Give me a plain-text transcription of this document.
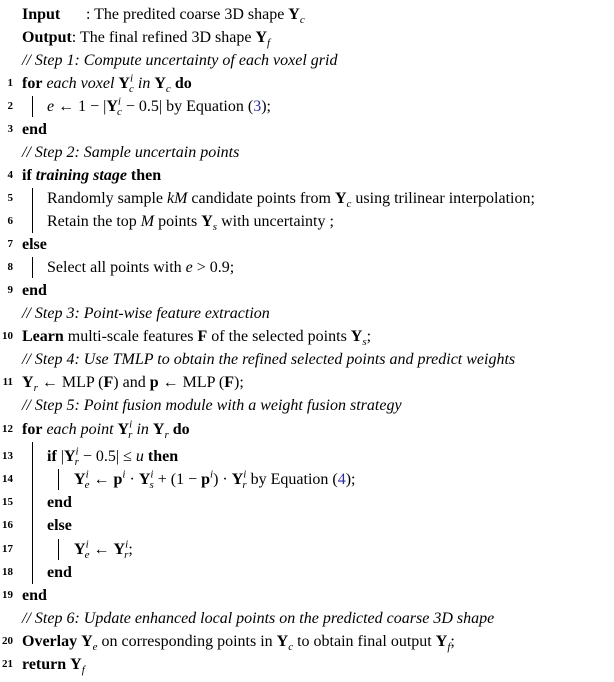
Input : The predited coarse 3D shape $Y_c$
Output: The final refined 3D shape $Y_f$
// Step 1: Compute uncertainty of each voxel grid
1 for each voxel $Y^i_c$ in $Y_c$ do
2 e ← $1 - |Y^i_c - 0.5|$ by Equation (3);
3 end
// Step 2: Sample uncertain points
4 if training stage then
5 Randomly sample kM candidate points from $Y_c$ using trilinear interpolation;
6 Retain the top M points $Y_s$ with uncertainty ;
7 else
8 Select all points with e > 0.9;
9 end
// Step 3: Point-wise feature extraction
10 Learn multi-scale features F of the selected points $Y_s$;
// Step 4: Use TMLP to obtain the refined selected points and predict weights
11 $Y_r$ ← MLP (F) and p ← MLP (F);
// Step 5: Point fusion module with a weight fusion strategy
12 for each point $Y^i_r$ in $Y_r$ do
13 if $|Y^i_r - 0.5| \le u$ then
14	$Y^i_e$ ← $p^i \cdot Y^i_s + (1 - p^i) \cdot Y^i_r$ by Equation (4);
15 end
16 else
17	$Y^i_e$ ← $Y^i_r$;
18 end
19 end
// Step 6: Update enhanced local points on the predicted coarse 3D shape
20 Overlay $Y_e$ on corresponding points in $Y_c$ to obtain final output $Y_f$;
21 return $Y_f$
